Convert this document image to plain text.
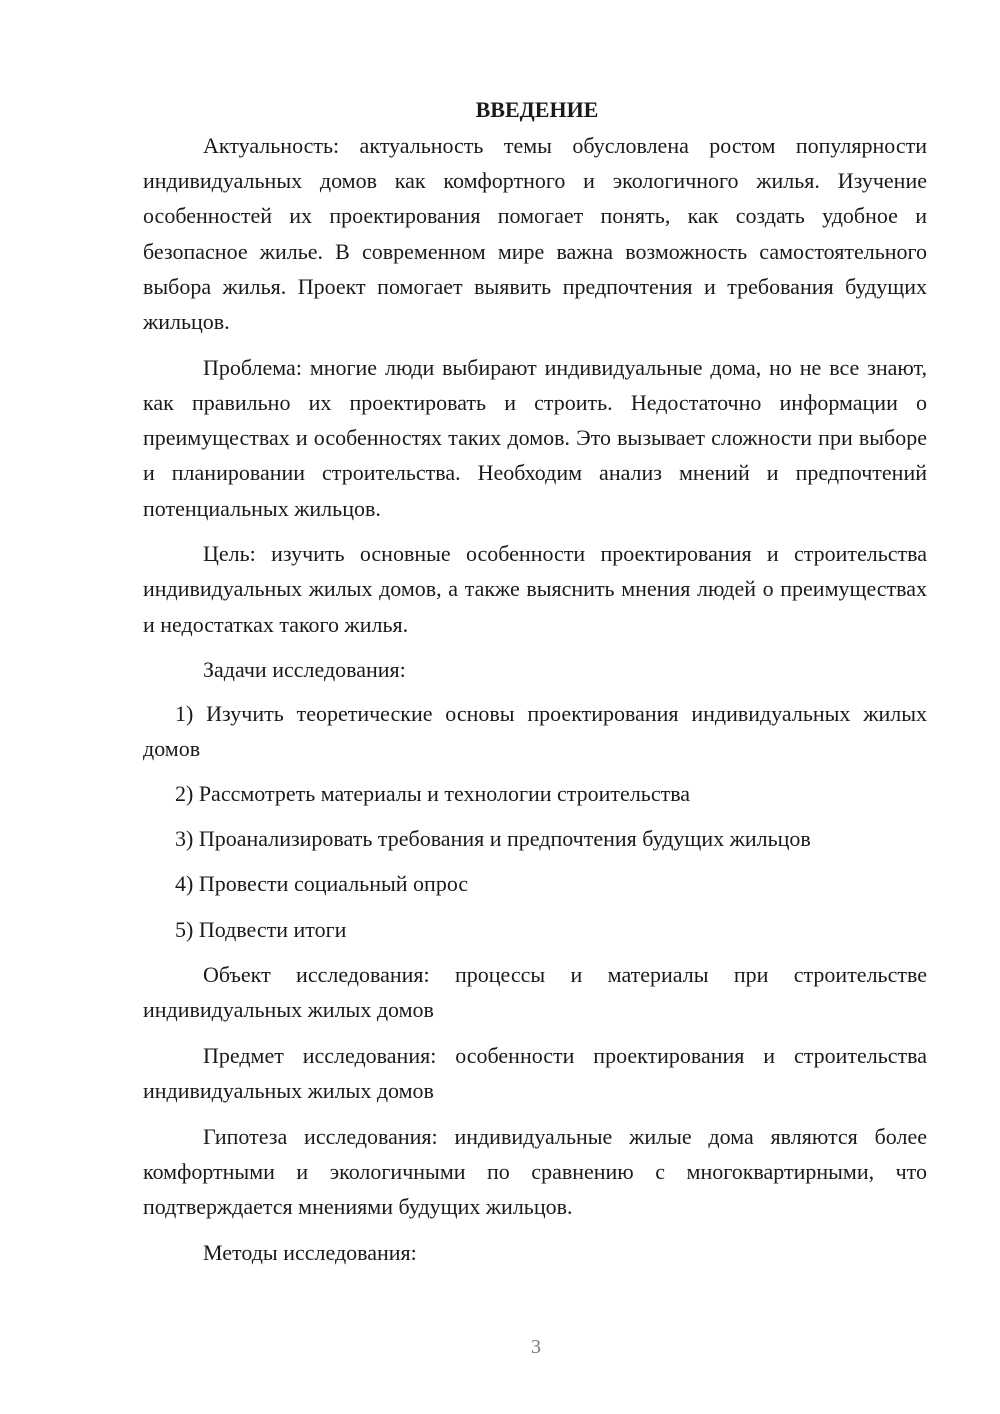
ВВЕДЕНИЕ

Актуальность: актуальность темы обусловлена ростом популярности индивидуальных домов как комфортного и экологичного жилья. Изучение особенностей их проектирования помогает понять, как создать удобное и безопасное жилье. В современном мире важна возможность самостоятельного выбора жилья. Проект помогает выявить предпочтения и требования будущих жильцов.

Проблема: многие люди выбирают индивидуальные дома, но не все знают, как правильно их проектировать и строить. Недостаточно информации о преимуществах и особенностях таких домов. Это вызывает сложности при выборе и планировании строительства. Необходим анализ мнений и предпочтений потенциальных жильцов.

Цель: изучить основные особенности проектирования и строительства индивидуальных жилых домов, а также выяснить мнения людей о преимуществах и недостатках такого жилья.

Задачи исследования:

1) Изучить теоретические основы проектирования индивидуальных жилых домов
2) Рассмотреть материалы и технологии строительства
3) Проанализировать требования и предпочтения будущих жильцов
4) Провести социальный опрос
5) Подвести итоги

Объект исследования: процессы и материалы при строительстве индивидуальных жилых домов

Предмет исследования: особенности проектирования и строительства индивидуальных жилых домов

Гипотеза исследования: индивидуальные жилые дома являются более комфортными и экологичными по сравнению с многоквартирными, что подтверждается мнениями будущих жильцов.

Методы исследования:

3
